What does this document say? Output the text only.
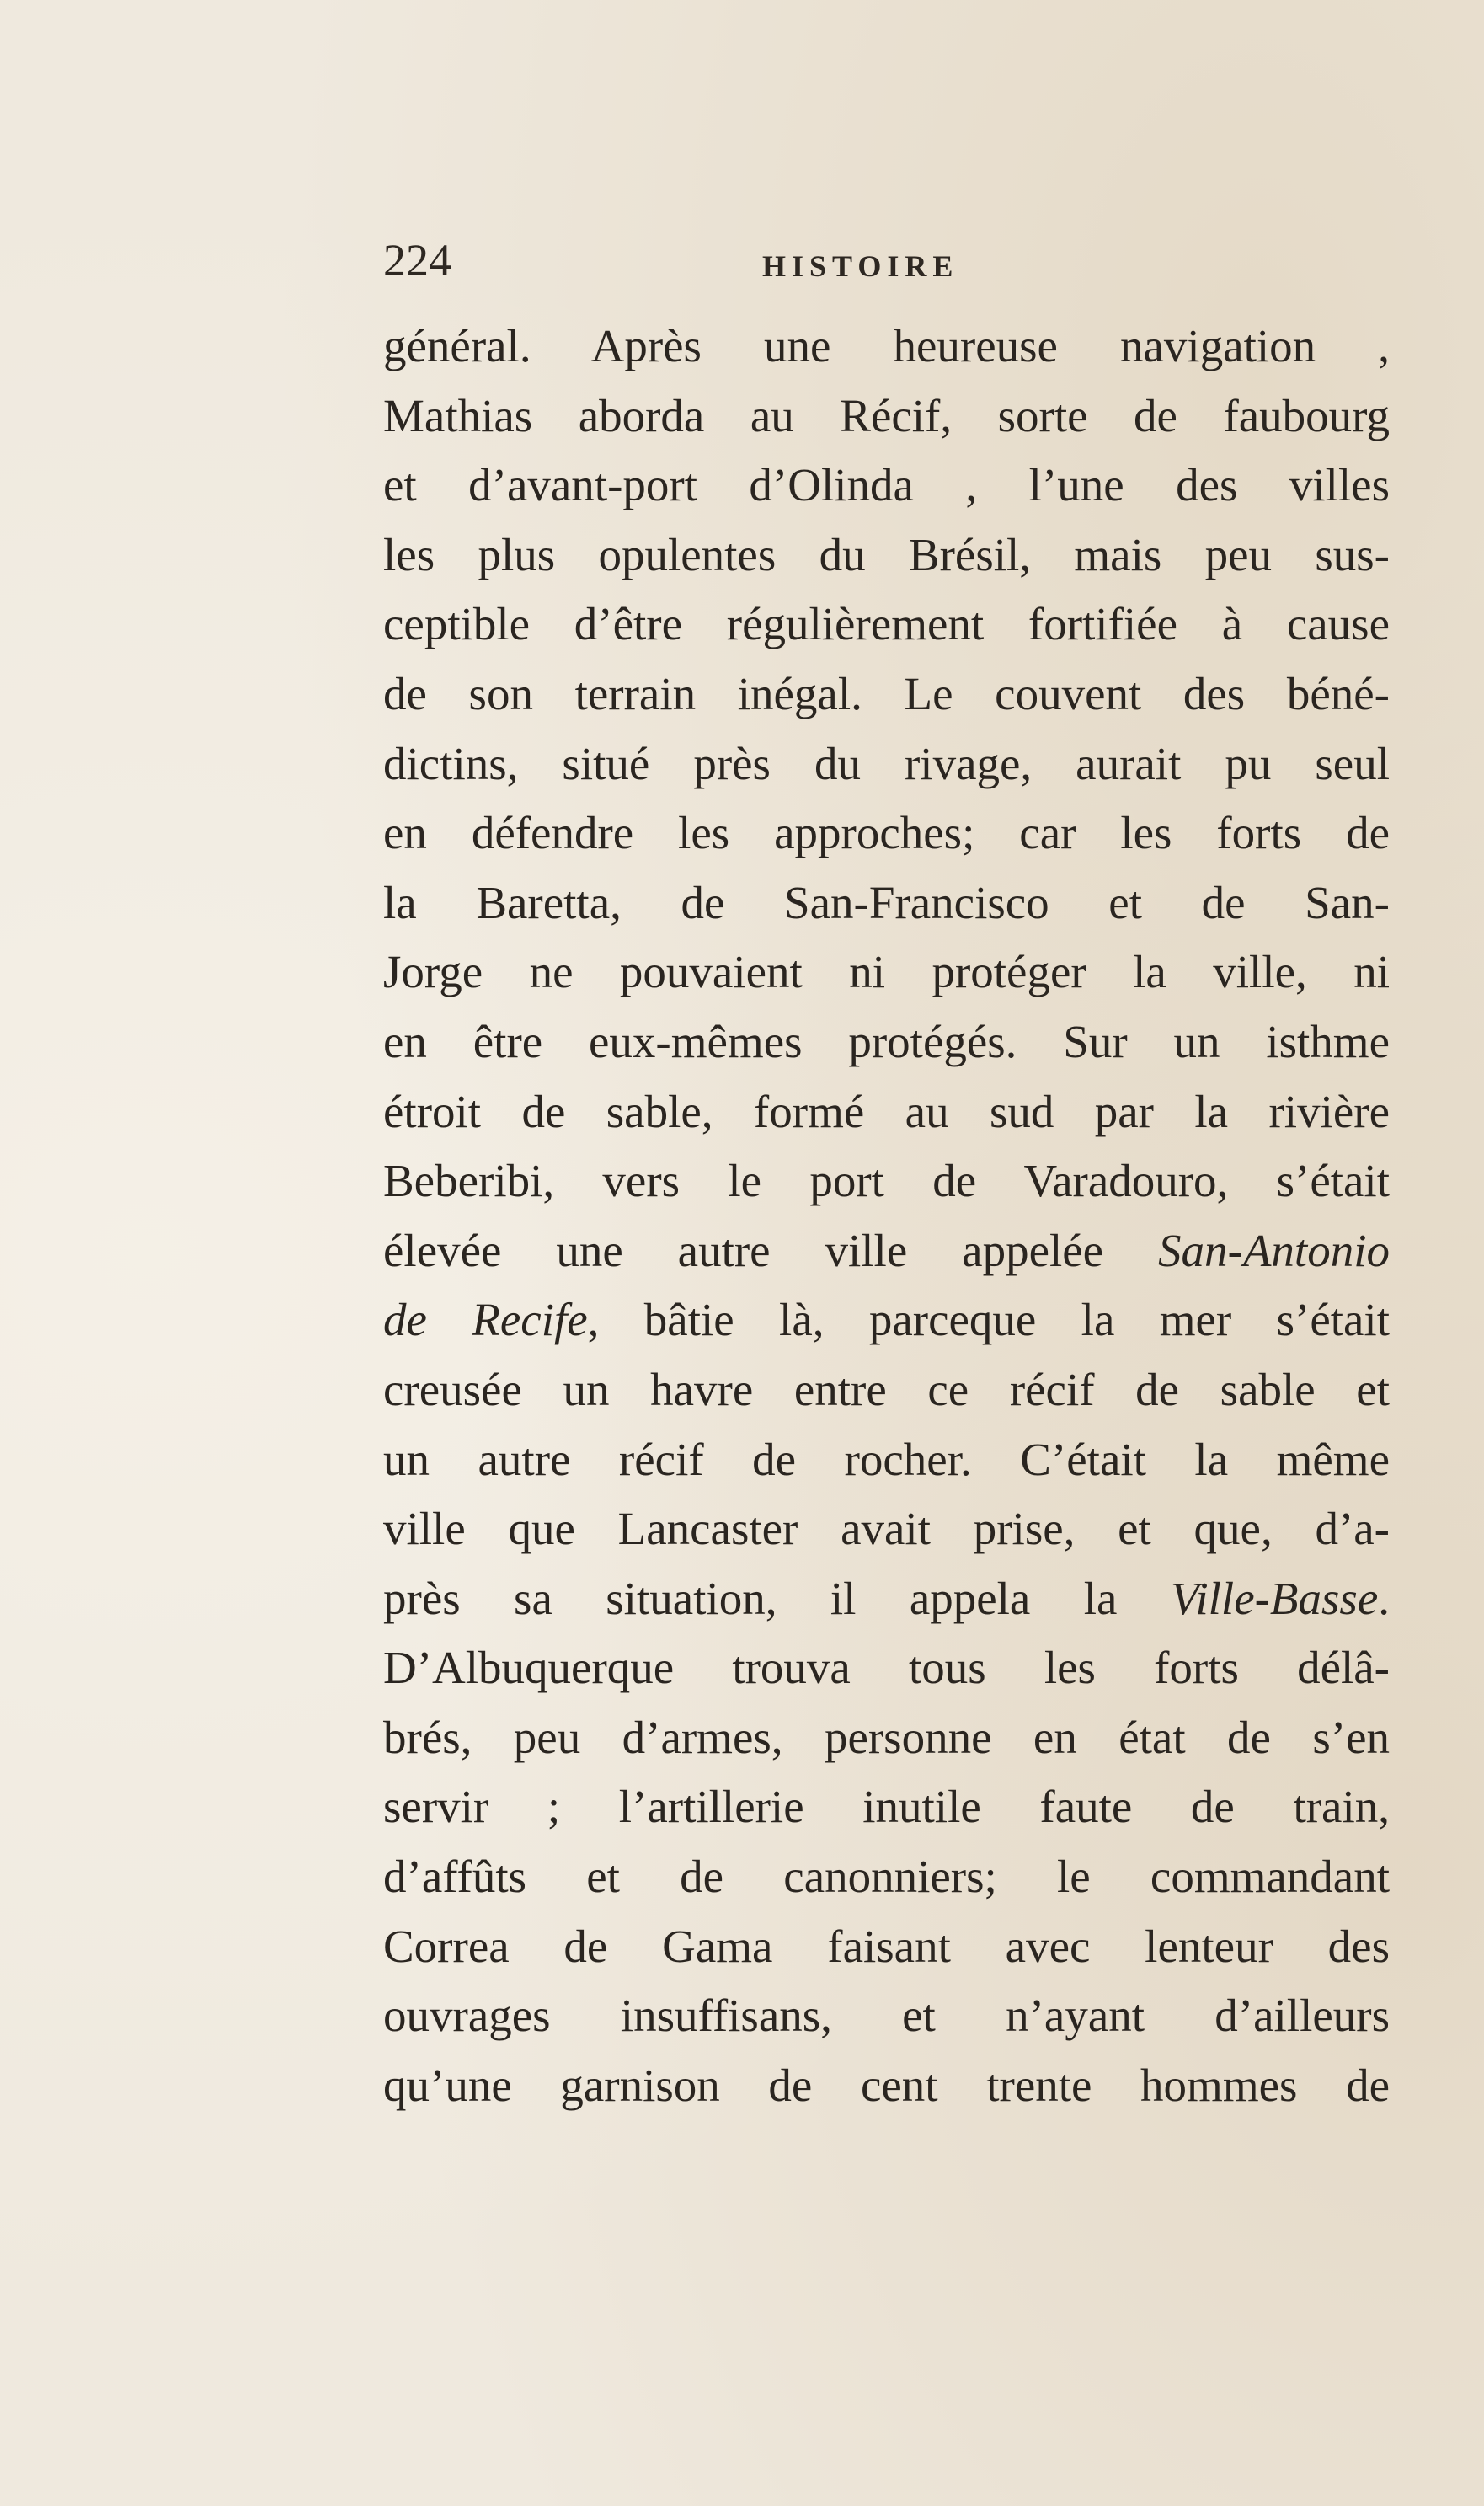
224	HISTOIRE
général. Après une heureuse navigation ,
Mathias aborda au Récif, sorte de faubourg
et d’avant-port d’Olinda , l’une des villes
les plus opulentes du Brésil, mais peu sus-
ceptible d’être régulièrement fortifiée à cause
de son terrain inégal. Le couvent des béné-
dictins, situé près du rivage, aurait pu seul
en défendre les approches; car les forts de
la Baretta, de San-Francisco et de San-
Jorge ne pouvaient ni protéger la ville, ni
en être eux-mêmes protégés. Sur un isthme
étroit de sable, formé au sud par la rivière
Beberibi, vers le port de Varadouro, s’était
élevée une autre ville appelée San-Antonio
de Recife, bâtie là, parceque la mer s’était
creusée un havre entre ce récif de sable et
un autre récif de rocher. C’était la même
ville que Lancaster avait prise, et que, d’a-
près sa situation, il appela la Ville-Basse.
D’Albuquerque trouva tous les forts délâ-
brés, peu d’armes, personne en état de s’en
servir ; l’artillerie inutile faute de train,
d’affûts et de canonniers; le commandant
Correa de Gama faisant avec lenteur des
ouvrages insuffisans, et n’ayant d’ailleurs
qu’une garnison de cent trente hommes de
